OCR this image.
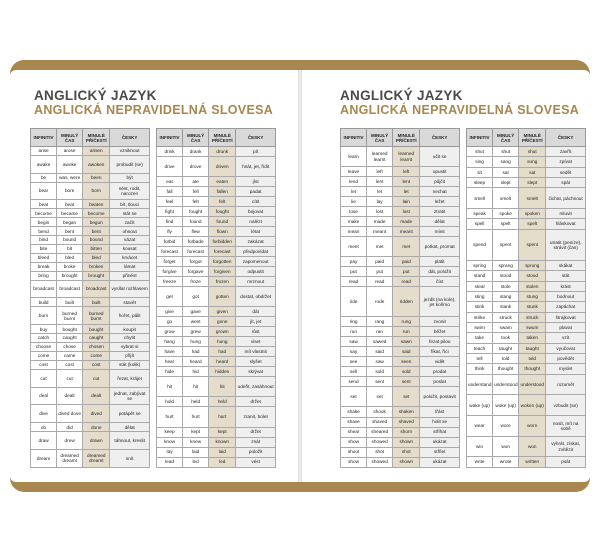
ANGLICKÝ JAZYK
ANGLICKÁ NEPRAVIDELNÁ SLOVESA
INFINITIV	MINULÝ ČAS	MINULÉ PŘÍČESTÍ	ČESKY
arise	arose	arisen	vzniknout
awake	awoke	awoken	probudit (se)
be	was, were	been	být
bear	bore	born	nést, rodit, narozen
beat	beat	beaten	bít, tlouci
become	became	become	stát se
begin	began	begun	začít
bend	bent	bent	ohnout
bind	bound	bound	vázat
bite	bit	bitten	kousat
bleed	bled	bled	krvácet
break	broke	broken	lámat
bring	brought	brought	přinést
broadcast	broadcast	broadcast	vysílat rozhlasem
build	built	built	stavět
burn	burned burnt	burned burnt	hořet, pálit
buy	bought	bought	koupit
catch	caught	caught	chytit
choose	chose	chosen	vybrat si
come	came	come	přijít
cost	cost	cost	stát (kolik)
cut	cut	cut	řezat, krájet
deal	dealt	dealt	jednat, zabývat se
dive	dived dove	dived	potápět se
do	did	done	dělat
draw	drew	drawn	táhnout, kreslit
dream	dreamed dreamt	dreamed dreamt	snít
INFINITIV	MINULÝ ČAS	MINULÉ PŘÍČESTÍ	ČESKY
drink	drank	drunk	pít
drive	drove	driven	hnát, jet, řídit
eat	ate	eaten	jíst
fall	fell	fallen	padat
feel	felt	felt	cítit
fight	fought	fought	bojovat
find	found	found	nalézt
fly	flew	flown	létat
forbid	forbade	forbidden	zakázat
forecast	forecast	forecast	předpovídat
forget	forgot	forgotten	zapomenout
forgive	forgave	forgiven	odpustit
freeze	froze	frozen	mrznout
get	got	gotten	dostat, obdržet
give	gave	given	dát
go	went	gone	jít, jet
grow	grew	grown	růst
hang	hung	hung	viset
have	had	had	mít vlastnit
hear	heard	heard	slyšet
hide	hid	hidden	skrývat
hit	hit	hit	udeřit, zasáhnout
hold	held	held	držet
hurt	hurt	hurt	zranit, bolet
keep	kept	kept	držet
know	knew	known	znát
lay	laid	laid	položit
lead	led	led	vést
ANGLICKÝ JAZYK
ANGLICKÁ NEPRAVIDELNÁ SLOVESA
INFINITIV	MINULÝ ČAS	MINULÉ PŘÍČESTÍ	ČESKY
learn	learned learnt	learned learnt	učit se
leave	left	left	opustit
lend	lent	lent	půjčit
let	let	let	nechat
lie	lay	lain	ležet
lose	lost	lost	ztratit
make	made	made	dělat
mean	meant	meant	mínit
meet	met	met	potkat, promat
pay	paid	paid	platit
put	put	put	dát, položit
read	read	read	číst
ride	rode	ridden	jezdit (na kole), jet koňmo
ring	rang	rung	zvonit
run	ran	run	běžet
saw	sawed	sawn	řezat pilou
say	said	said	říkat, říci
see	saw	seen	vidět
sell	sold	sold	prodat
send	sent	sent	poslat
set	set	set	položit, postavit
shake	shook	shaken	třást
shave	shaved	shaved	holit se
shear	sheared	shorn	stříhat
show	showed	shown	ukázat
shoot	shot	shot	střílet
show	showed	shown	ukázat
INFINITIV	MINULÝ ČAS	MINULÉ PŘÍČESTÍ	ČESKY
shut	shut	shut	zavřít
sing	sang	sung	zpívat
sit	sat	sat	sedět
sleep	slept	slept	spát
smell	smelt	smelt	čichat, páchnout
speak	spoke	spoken	mluvit
spell	spelt	spelt	hláskovat
spend	spent	spent	utratit (peníze), strávit (čas)
spring	sprang	sprung	skákat
stand	stood	stood	stát
steal	stole	stolen	krást
sting	stang	stung	bodnout
stink	stank	stunk	zapáchat
strike	struck	struck	štrajkovat
swim	swam	swum	plavat
take	took	taken	vzít
teach	taught	taught	vyučovat
tell	told	told	povědět
think	thought	thought	myslet
understand	understood	understood	rozumět
wake (up)	woke (up)	woken (up)	vzbudit (se)
wear	wore	worn	nosit, mít na sobě
win	won	won	vyhrát, získat, zvítězit
write	wrote	written	psát
